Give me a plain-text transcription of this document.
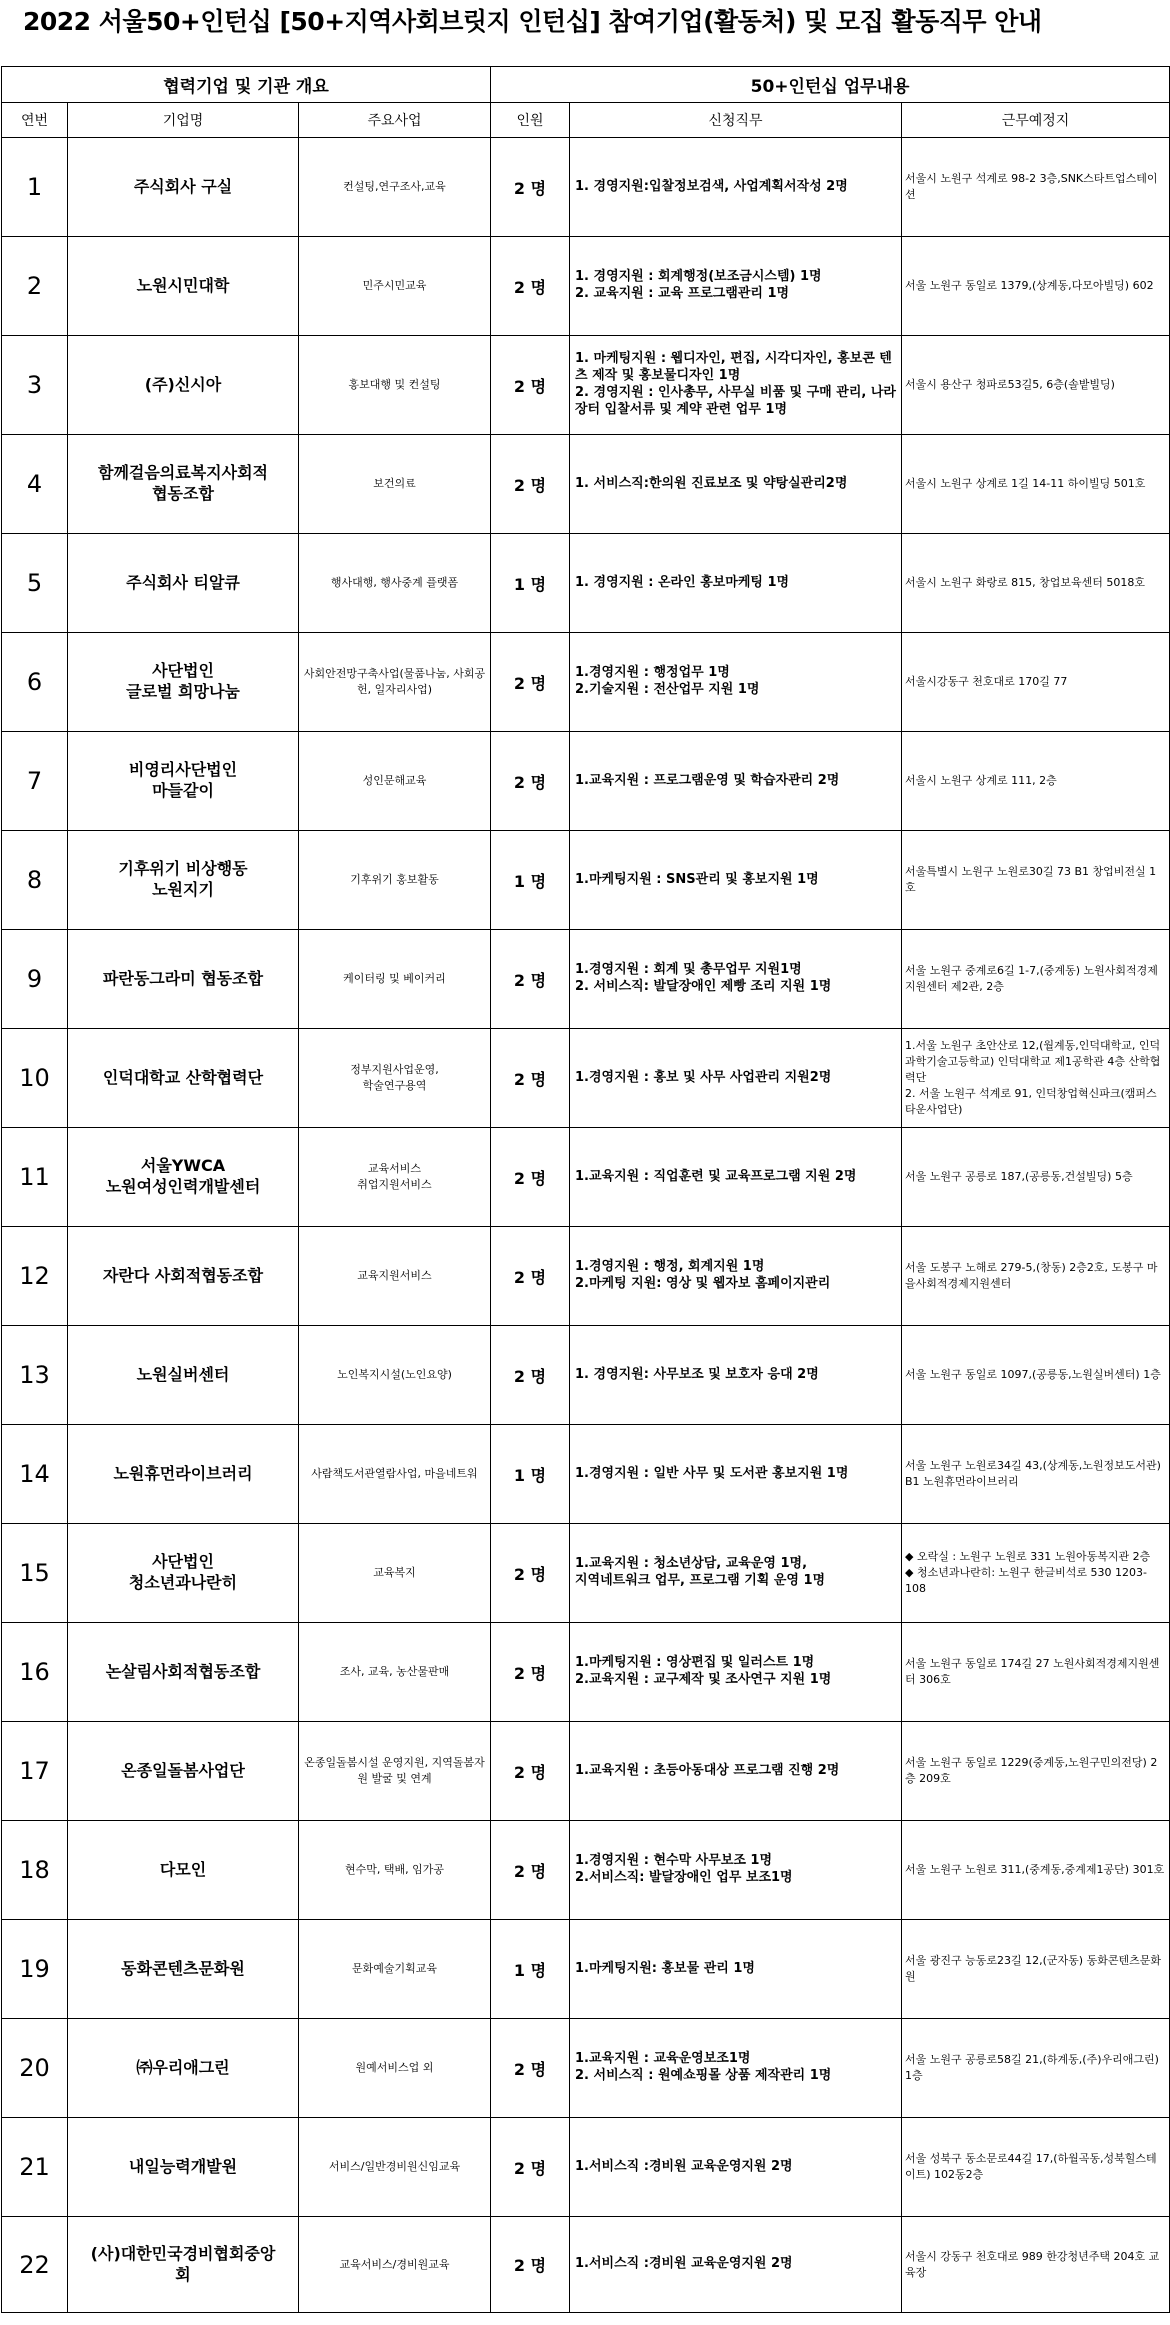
2022 서울50+인턴십 [50+지역사회브릿지 인턴십] 참여기업(활동처) 및 모집 활동직무 안내
협력기업 및 기관 개요			50+인턴십 업무내용		
연번	기업명	주요사업	인원	신청직무	근무예정지
1	주식회사 구실	컨설팅,연구조사,교육	2 명	1. 경영지원:입찰정보검색, 사업계획서작성 2명	서울시 노원구 석계로 98-2 3층,SNK스타트업스테이션
2	노원시민대학	민주시민교육	2 명	1. 경영지원 : 회계행정(보조금시스템) 1명
2. 교육지원 : 교육 프로그램관리 1명	서울 노원구 동일로 1379,(상계동,다모아빌딩) 602
3	(주)신시아	홍보대행 및 컨설팅	2 명	1. 마케팅지원 : 웹디자인, 편집, 시각디자인, 홍보콘 텐츠 제작 및 홍보물디자인 1명
2. 경영지원 : 인사총무, 사무실 비품 및 구매 관리, 나라장터 입찰서류 및 계약 관련 업무 1명	서울시 용산구 청파로53길5, 6층(솔밭빌딩)
4	함께걸음의료복지사회적
협동조합	보건의료	2 명	1. 서비스직:한의원 진료보조 및 약탕실관리2명	서울시 노원구 상계로 1길 14-11 하이빌딩 501호
5	주식회사 티알큐	행사대행, 행사중계 플랫폼	1 명	1. 경영지원 : 온라인 홍보마케팅 1명	서울시 노원구 화랑로 815, 창업보육센터 5018호
6	사단법인
글로벌 희망나눔	사회안전망구축사업(물품나눔, 사회공헌, 일자리사업)	2 명	1.경영지원 : 행정업무 1명
2.기술지원 : 전산업무 지원 1명	서울시강동구 천호대로 170길 77
7	비영리사단법인
마들같이	성인문해교육	2 명	1.교육지원 : 프로그램운영 및 학습자관리 2명	서울시 노원구 상계로 111, 2층
8	기후위기 비상행동
노원지기	기후위기 홍보활동	1 명	1.마케팅지원 : SNS관리 및 홍보지원 1명	서울특별시 노원구 노원로30길 73 B1 창업비전실 1호
9	파란동그라미 협동조합	케이터링 및 베이커리	2 명	1.경영지원 : 회계 및 총무업무 지원1명
2. 서비스직: 발달장애인 제빵 조리 지원 1명	서울 노원구 중계로6길 1-7,(중계동) 노원사회적경제지원센터 제2관, 2층
10	인덕대학교 산학협력단	정부지원사업운영,
학술연구용역	2 명	1.경영지원 : 홍보 및 사무 사업관리 지원2명	1.서울 노원구 초안산로 12,(월계동,인덕대학교, 인덕과학기술고등학교) 인덕대학교 제1공학관 4층 산학협력단
2. 서울 노원구 석계로 91, 인덕창업혁신파크(캠퍼스타운사업단)
11	서울YWCA
노원여성인력개발센터	교육서비스
취업지원서비스	2 명	1.교육지원 : 직업훈련 및 교육프로그램 지원 2명	서울 노원구 공릉로 187,(공릉동,건설빌딩) 5층
12	자란다 사회적협동조합	교육지원서비스	2 명	1.경영지원 : 행정, 회계지원 1명
2.마케팅 지원: 영상 및 웹자보 홈페이지관리	서울 도봉구 노해로 279-5,(창동) 2층2호, 도봉구 마을사회적경제지원센터
13	노원실버센터	노인복지시설(노인요양)	2 명	1. 경영지원: 사무보조 및 보호자 응대 2명	서울 노원구 동일로 1097,(공릉동,노원실버센터) 1층
14	노원휴먼라이브러리	사람책도서관열람사업, 마을네트워	1 명	1.경영지원 : 일반 사무 및 도서관 홍보지원 1명	서울 노원구 노원로34길 43,(상계동,노원정보도서관) B1 노원휴먼라이브러리
15	사단법인
청소년과나란히	교육복지	2 명	1.교육지원 : 청소년상담, 교육운영 1명,
지역네트워크 업무, 프로그램 기획 운영 1명	◆ 오락실 : 노원구 노원로 331 노원아동복지관 2층
◆ 청소년과나란히: 노원구 한글비석로 530 1203-108
16	논살림사회적협동조합	조사, 교육, 농산물판매	2 명	1.마케팅지원 : 영상편집 및 일러스트 1명
2.교육지원 : 교구제작 및 조사연구 지원 1명	서울 노원구 동일로 174길 27 노원사회적경제지원센터 306호
17	온종일돌봄사업단	온종일돌봄시설 운영지원, 지역돌봄자원 발굴 및 연계	2 명	1.교육지원 : 초등아동대상 프로그램 진행 2명	서울 노원구 동일로 1229(중계동,노원구민의전당) 2층 209호
18	다모인	현수막, 택배, 임가공	2 명	1.경영지원 : 현수막 사무보조 1명
2.서비스직: 발달장애인 업무 보조1명	서울 노원구 노원로 311,(중계동,중계제1공단) 301호
19	동화콘텐츠문화원	문화예술기획교육	1 명	1.마케팅지원: 홍보물 관리 1명	서울 광진구 능동로23길 12,(군자동) 동화콘텐츠문화원
20	㈜우리애그린	원예서비스업 외	2 명	1.교육지원 : 교육운영보조1명
2. 서비스직 : 원예쇼핑몰 상품 제작관리 1명	서울 노원구 공릉로58길 21,(하계동,(주)우리애그린) 1층
21	내일능력개발원	서비스/일반경비원신임교육	2 명	1.서비스직 :경비원 교육운영지원 2명	서울 성북구 동소문로44길 17,(하월곡동,성북힐스테이트) 102동2층
22	(사)대한민국경비협회중앙
회	교육서비스/경비원교육	2 명	1.서비스직 :경비원 교육운영지원 2명	서울시 강동구 천호대로 989 한강청년주택 204호 교육장
